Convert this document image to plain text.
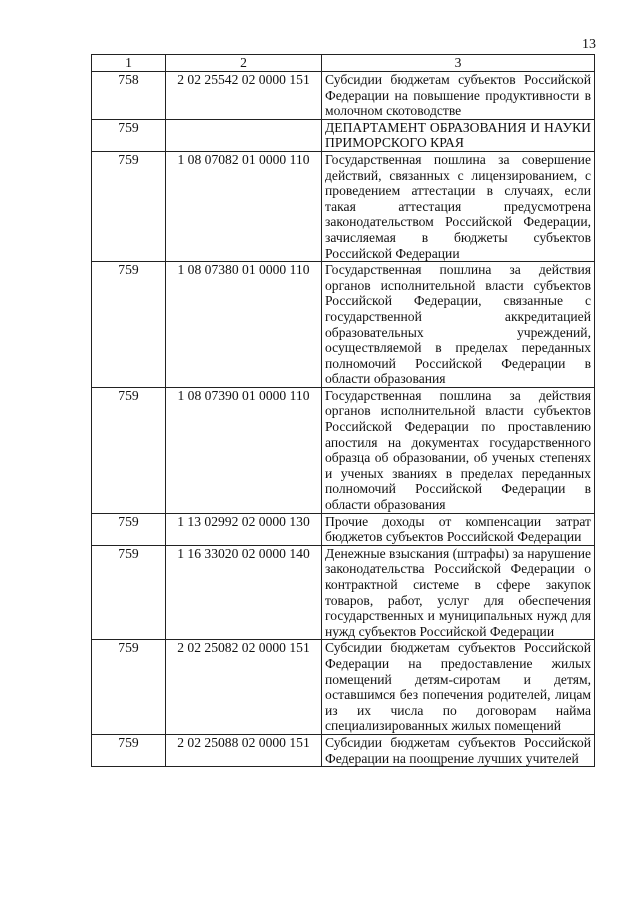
13
1	2	3
758	2 02 25542 02 0000 151	Субсидии бюджетам субъектов Российской Федерации на повышение продуктивности в молочном скотоводстве
759		ДЕПАРТАМЕНТ ОБРАЗОВАНИЯ И НАУКИ ПРИМОРСКОГО КРАЯ
759	1 08 07082 01 0000 110	Государственная пошлина за совершение действий, связанных с лицензированием, с проведением аттестации в случаях, если такая аттестация предусмотрена законодательством Российской Федерации, зачисляемая в бюджеты субъектов Российской Федерации
759	1 08 07380 01 0000 110	Государственная пошлина за действия органов исполнительной власти субъектов Российской Федерации, связанные с государственной аккредитацией образовательных учреждений, осуществляемой в пределах переданных полномочий Российской Федерации в области образования
759	1 08 07390 01 0000 110	Государственная пошлина за действия органов исполнительной власти субъектов Российской Федерации по проставлению апостиля на документах государственного образца об образовании, об ученых степенях и ученых званиях в пределах переданных полномочий Российской Федерации в области образования
759	1 13 02992 02 0000 130	Прочие доходы от компенсации затрат бюджетов субъектов Российской Федерации
759	1 16 33020 02 0000 140	Денежные взыскания (штрафы) за нарушение законодательства Российской Федерации о контрактной системе в сфере закупок товаров, работ, услуг для обеспечения государственных и муниципальных нужд для нужд субъектов Российской Федерации
759	2 02 25082 02 0000 151	Субсидии бюджетам субъектов Российской Федерации на предоставление жилых помещений детям-сиротам и детям, оставшимся без попечения родителей, лицам из их числа по договорам найма специализированных жилых помещений
759	2 02 25088 02 0000 151	Субсидии бюджетам субъектов Российской Федерации на поощрение лучших учителей
